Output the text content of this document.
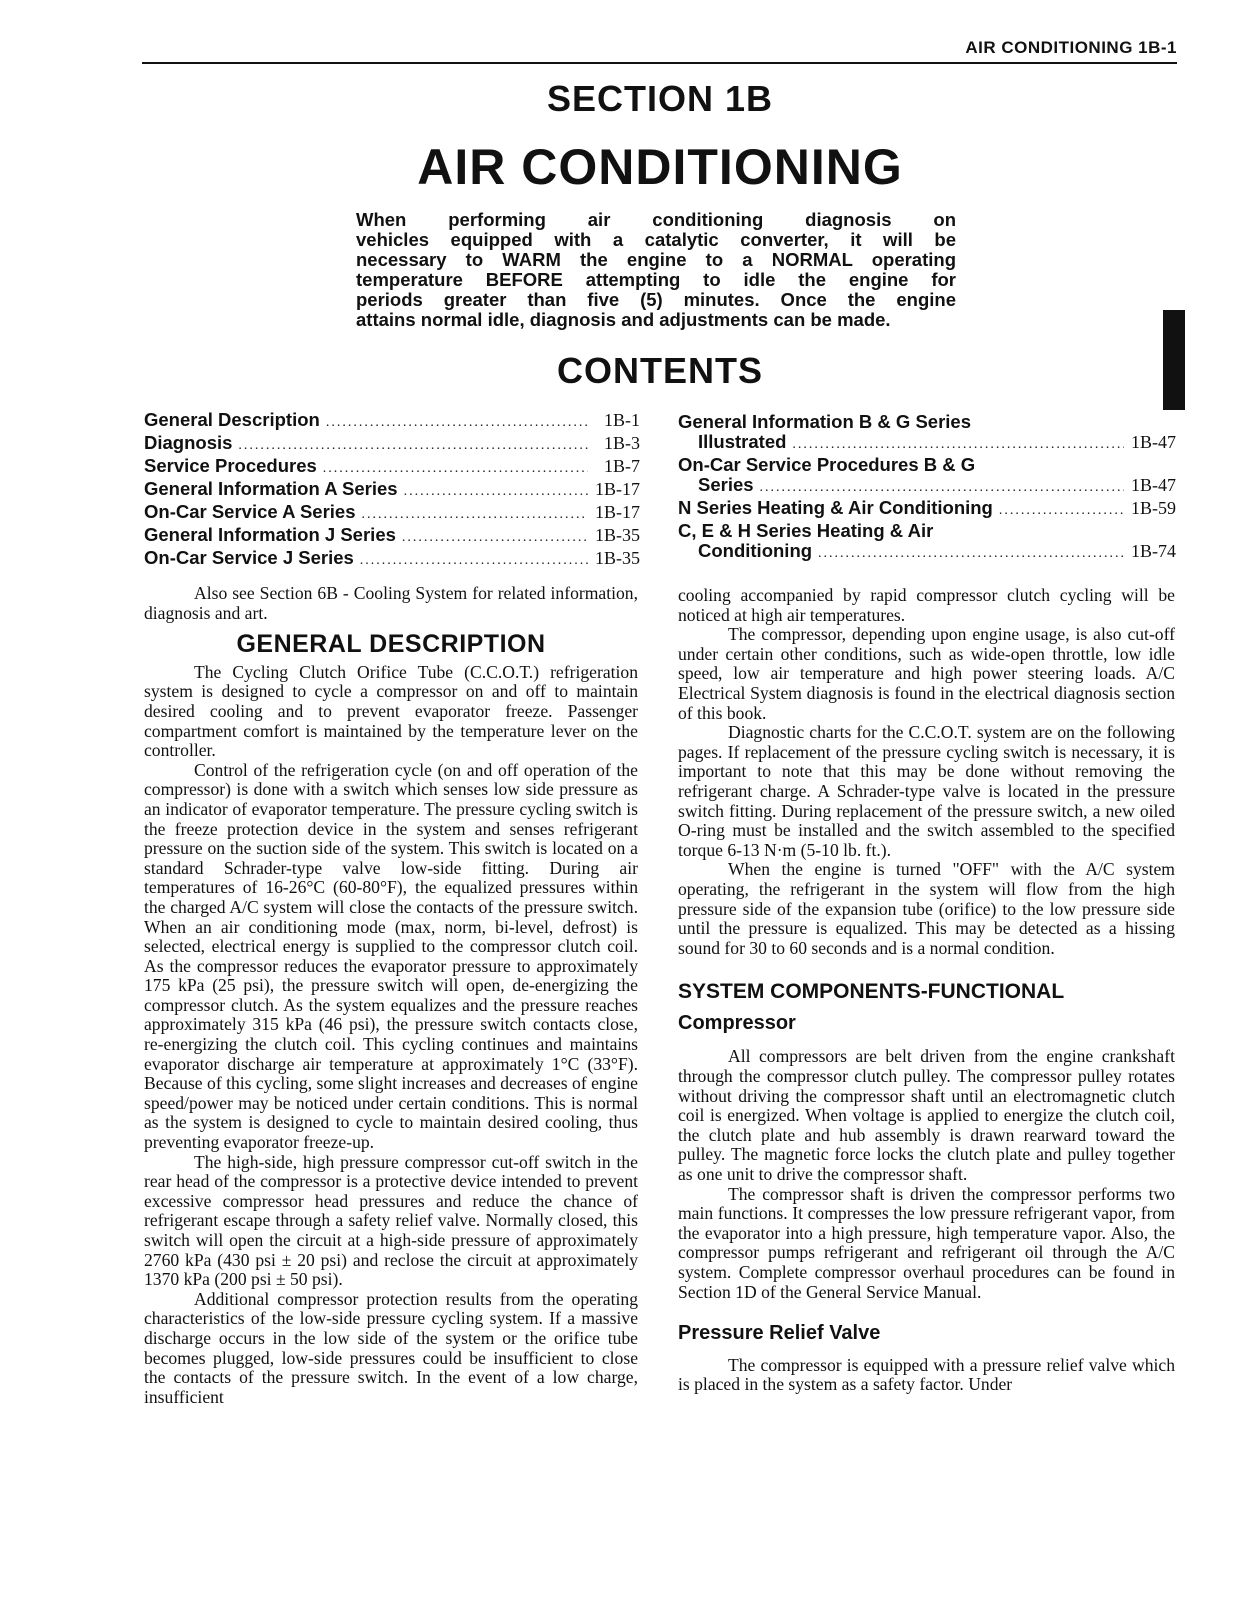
AIR CONDITIONING 1B-1
SECTION 1B
AIR CONDITIONING
When performing air conditioning diagnosis on
vehicles equipped with a catalytic converter, it will be
necessary to WARM the engine to a NORMAL operating
temperature BEFORE attempting to idle the engine for
periods greater than five (5) minutes. Once the engine
attains normal idle, diagnosis and adjustments can be made.
CONTENTS
General Description .....	1B-1
Diagnosis .....	1B-3
Service Procedures .....	1B-7
General Information A Series .....	1B-17
On-Car Service A Series .....	1B-17
General Information J Series .....	1B-35
On-Car Service J Series .....	1B-35
General Information B & G Series
Illustrated .....	1B-47
On-Car Service Procedures B & G
Series .....	1B-47
N Series Heating & Air Conditioning .....	1B-59
C, E & H Series Heating & Air
Conditioning .....	1B-74

Also see Section 6B - Cooling System for related information, diagnosis and art.

GENERAL DESCRIPTION

The Cycling Clutch Orifice Tube (C.C.O.T.) refrigeration system is designed to cycle a compressor on and off to maintain desired cooling and to prevent evaporator freeze. Passenger compartment comfort is maintained by the temperature lever on the controller.

Control of the refrigeration cycle (on and off operation of the compressor) is done with a switch which senses low side pressure as an indicator of evaporator temperature. The pressure cycling switch is the freeze protection device in the system and senses refrigerant pressure on the suction side of the system. This switch is located on a standard Schrader-type valve low-side fitting. During air temperatures of 16-26°C (60-80°F), the equalized pressures within the charged A/C system will close the contacts of the pressure switch. When an air conditioning mode (max, norm, bi-level, defrost) is selected, electrical energy is supplied to the compressor clutch coil. As the compressor reduces the evaporator pressure to approximately 175 kPa (25 psi), the pressure switch will open, de-energizing the compressor clutch. As the system equalizes and the pressure reaches approximately 315 kPa (46 psi), the pressure switch contacts close, re-energizing the clutch coil. This cycling continues and maintains evaporator discharge air temperature at approximately 1°C (33°F). Because of this cycling, some slight increases and decreases of engine speed/power may be noticed under certain conditions. This is normal as the system is designed to cycle to maintain desired cooling, thus preventing evaporator freeze-up.

The high-side, high pressure compressor cut-off switch in the rear head of the compressor is a protective device intended to prevent excessive compressor head pressures and reduce the chance of refrigerant escape through a safety relief valve. Normally closed, this switch will open the circuit at a high-side pressure of approximately 2760 kPa (430 psi ± 20 psi) and reclose the circuit at approximately 1370 kPa (200 psi ± 50 psi).

Additional compressor protection results from the operating characteristics of the low-side pressure cycling system. If a massive discharge occurs in the low side of the system or the orifice tube becomes plugged, low-side pressures could be insufficient to close the contacts of the pressure switch. In the event of a low charge, insufficient

cooling accompanied by rapid compressor clutch cycling will be noticed at high air temperatures.

The compressor, depending upon engine usage, is also cut-off under certain other conditions, such as wide-open throttle, low idle speed, low air temperature and high power steering loads. A/C Electrical System diagnosis is found in the electrical diagnosis section of this book.

Diagnostic charts for the C.C.O.T. system are on the following pages. If replacement of the pressure cycling switch is necessary, it is important to note that this may be done without removing the refrigerant charge. A Schrader-type valve is located in the pressure switch fitting. During replacement of the pressure switch, a new oiled O-ring must be installed and the switch assembled to the specified torque 6-13 N·m (5-10 lb. ft.).

When the engine is turned "OFF" with the A/C system operating, the refrigerant in the system will flow from the high pressure side of the expansion tube (orifice) to the low pressure side until the pressure is equalized. This may be detected as a hissing sound for 30 to 60 seconds and is a normal condition.

SYSTEM COMPONENTS-FUNCTIONAL
Compressor

All compressors are belt driven from the engine crankshaft through the compressor clutch pulley. The compressor pulley rotates without driving the compressor shaft until an electromagnetic clutch coil is energized. When voltage is applied to energize the clutch coil, the clutch plate and hub assembly is drawn rearward toward the pulley. The magnetic force locks the clutch plate and pulley together as one unit to drive the compressor shaft.

The compressor shaft is driven the compressor performs two main functions. It compresses the low pressure refrigerant vapor, from the evaporator into a high pressure, high temperature vapor. Also, the compressor pumps refrigerant and refrigerant oil through the A/C system. Complete compressor overhaul procedures can be found in Section 1D of the General Service Manual.

Pressure Relief Valve

The compressor is equipped with a pressure relief valve which is placed in the system as a safety factor. Under
